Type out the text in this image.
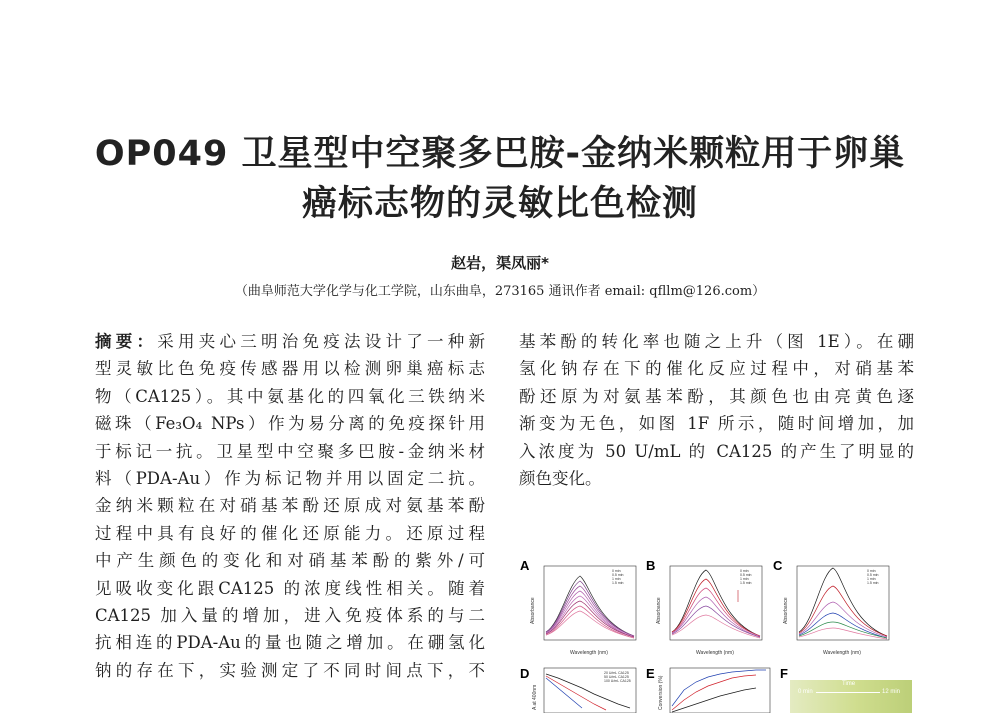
OP049 卫星型中空聚多巴胺-金纳米颗粒用于卵巢
癌标志物的灵敏比色检测
赵岩，渠凤丽*
（曲阜师范大学化学与化工学院，山东曲阜，273165 通讯作者 email: qfllm@126.com）
摘要：采用夹心三明治免疫法设计了一种新
型灵敏比色免疫传感器用以检测卵巢癌标志
物（CA125）。其中氨基化的四氧化三铁纳米
磁珠（Fe₃O₄ NPs）作为易分离的免疫探针用
于标记一抗。卫星型中空聚多巴胺-金纳米材
料（PDA-Au）作为标记物并用以固定二抗。
金纳米颗粒在对硝基苯酚还原成对氨基苯酚
过程中具有良好的催化还原能力。还原过程
中产生颜色的变化和对硝基苯酚的紫外/可
见吸收变化跟CA125 的浓度线性相关。随着
CA125 加入量的增加，进入免疫体系的与二
抗相连的PDA-Au的量也随之增加。在硼氢化
钠的存在下，实验测定了不同时间点下，不
基苯酚的转化率也随之上升（图 1E）。在硼
氢化钠存在下的催化反应过程中，对硝基苯
酚还原为对氨基苯酚，其颜色也由亮黄色逐
渐变为无色，如图 1F 所示，随时间增加，加
入浓度为 50 U/mL 的 CA125 的产生了明显的
颜色变化。
A	B	C
D	E	F
Absorbance
Wavelength (nm)
0 min
0.5 min
1 min
1.5 min
Absorbance
Wavelength (nm)
0 min
0.5 min
1 min
1.5 min
Absorbance
Wavelength (nm)
0 min
0.5 min
1 min
1.5 min
A at 400nm
20 U/mL CA125
50 U/mL CA125
100 U/mL CA125	Conversion (%)	Time
0 min	12 min
